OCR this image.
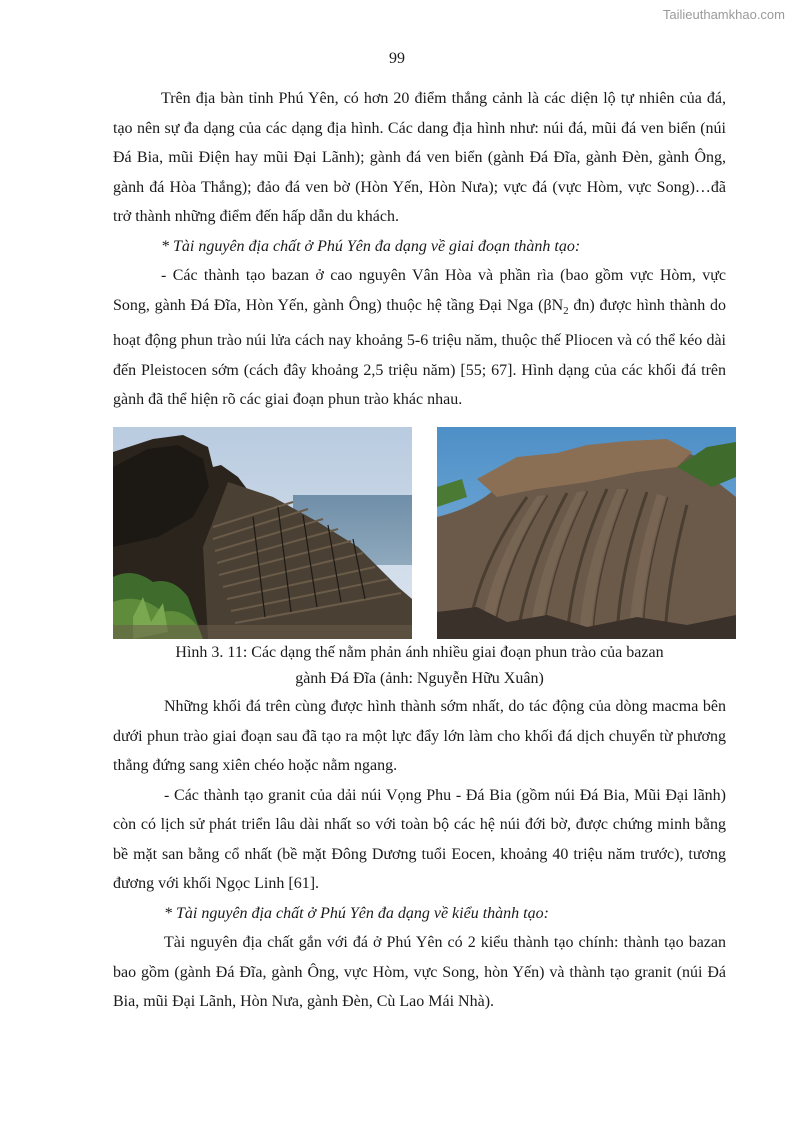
Tailieuthamkhao.com
99

Trên địa bàn tỉnh Phú Yên, có hơn 20 điểm thắng cảnh là các diện lộ tự nhiên của đá, tạo nên sự đa dạng của các dạng địa hình. Các dang địa hình như: núi đá, mũi đá ven biển (núi Đá Bia, mũi Điện hay mũi Đại Lãnh); gành đá ven biển (gành Đá Đĩa, gành Đèn, gành Ông, gành đá Hòa Thắng); đảo đá ven bờ (Hòn Yến, Hòn Nưa); vực đá (vực Hòm, vực Song)…đã trở thành những điểm đến hấp dẫn du khách.

* Tài nguyên địa chất ở Phú Yên đa dạng về giai đoạn thành tạo:

- Các thành tạo bazan ở cao nguyên Vân Hòa và phần rìa (bao gồm vực Hòm, vực Song, gành Đá Đĩa, Hòn Yến, gành Ông) thuộc hệ tầng Đại Nga ($\beta N_2$ đn) được hình thành do hoạt động phun trào núi lửa cách nay khoảng 5-6 triệu năm, thuộc thế Pliocen và có thể kéo dài đến Pleistocen sớm (cách đây khoảng 2,5 triệu năm) [55; 67]. Hình dạng của các khối đá trên gành đã thể hiện rõ các giai đoạn phun trào khác nhau.

Hình 3. 11: Các dạng thế nằm phản ánh nhiều giai đoạn phun trào của bazan
gành Đá Đĩa (ảnh: Nguyễn Hữu Xuân)

Những khối đá trên cùng được hình thành sớm nhất, do tác động của dòng macma bên dưới phun trào giai đoạn sau đã tạo ra một lực đẩy lớn làm cho khối đá dịch chuyển từ phương thẳng đứng sang xiên chéo hoặc nằm ngang.

- Các thành tạo granit của dải núi Vọng Phu - Đá Bia (gồm núi Đá Bia, Mũi Đại lãnh) còn có lịch sử phát triển lâu dài nhất so với toàn bộ các hệ núi đới bờ, được chứng minh bằng bề mặt san bằng cổ nhất (bề mặt Đông Dương tuổi Eocen, khoảng 40 triệu năm trước), tương đương với khối Ngọc Linh [61].

* Tài nguyên địa chất ở Phú Yên đa dạng về kiểu thành tạo:

Tài nguyên địa chất gắn với đá ở Phú Yên có 2 kiểu thành tạo chính: thành tạo bazan bao gồm (gành Đá Đĩa, gành Ông, vực Hòm, vực Song, hòn Yến) và thành tạo granit (núi Đá Bia, mũi Đại Lãnh, Hòn Nưa, gành Đèn, Cù Lao Mái Nhà).
